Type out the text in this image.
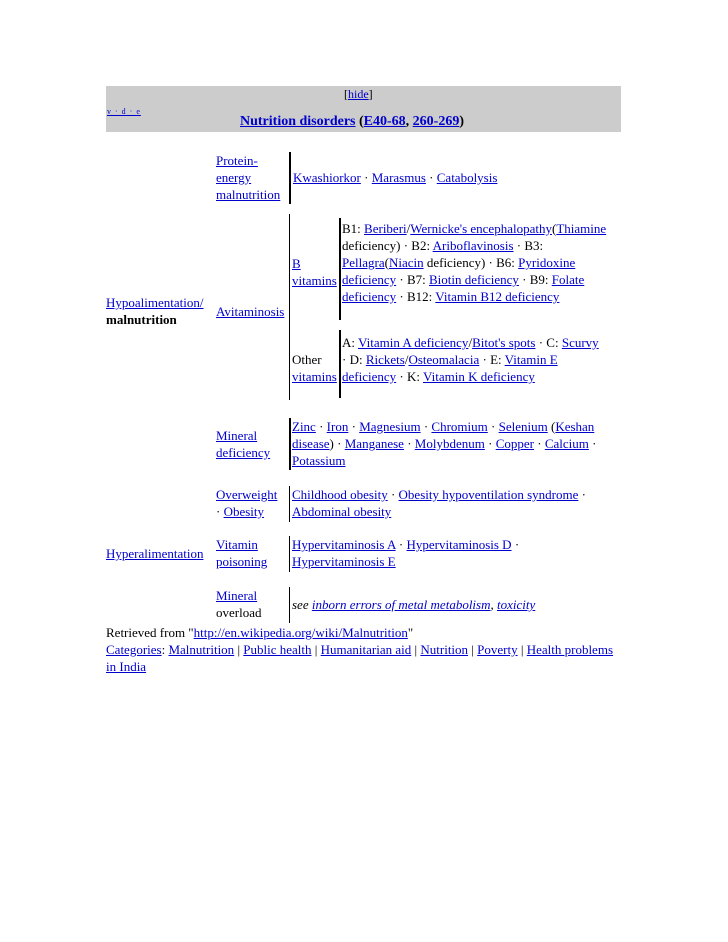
v · d · e
[hide]
Nutrition disorders (E40-68, 260-269)
Hypoalimentation/
malnutrition
Protein-
energy
malnutrition
Kwashiorkor · Marasmus · Catabolysis
Avitaminosis
B
vitamins
B1: Beriberi/Wernicke's encephalopathy(Thiamine deficiency) · B2: Ariboflavinosis · B3: Pellagra(Niacin deficiency) · B6: Pyridoxine deficiency · B7: Biotin deficiency · B9: Folate deficiency · B12: Vitamin B12 deficiency
Other
vitamins
A: Vitamin A deficiency/Bitot's spots · C: Scurvy · D: Rickets/Osteomalacia · E: Vitamin E deficiency · K: Vitamin K deficiency
Mineral
deficiency
Zinc · Iron · Magnesium · Chromium · Selenium (Keshan disease) · Manganese · Molybdenum · Copper · Calcium · Potassium
Hyperalimentation
Overweight
· Obesity
Childhood obesity · Obesity hypoventilation syndrome ·
Abdominal obesity
Vitamin
poisoning
Hypervitaminosis A · Hypervitaminosis D ·
Hypervitaminosis E
Mineral
overload
see inborn errors of metal metabolism, toxicity
Retrieved from "http://en.wikipedia.org/wiki/Malnutrition"
Categories: Malnutrition | Public health | Humanitarian aid | Nutrition | Poverty | Health problems in India
